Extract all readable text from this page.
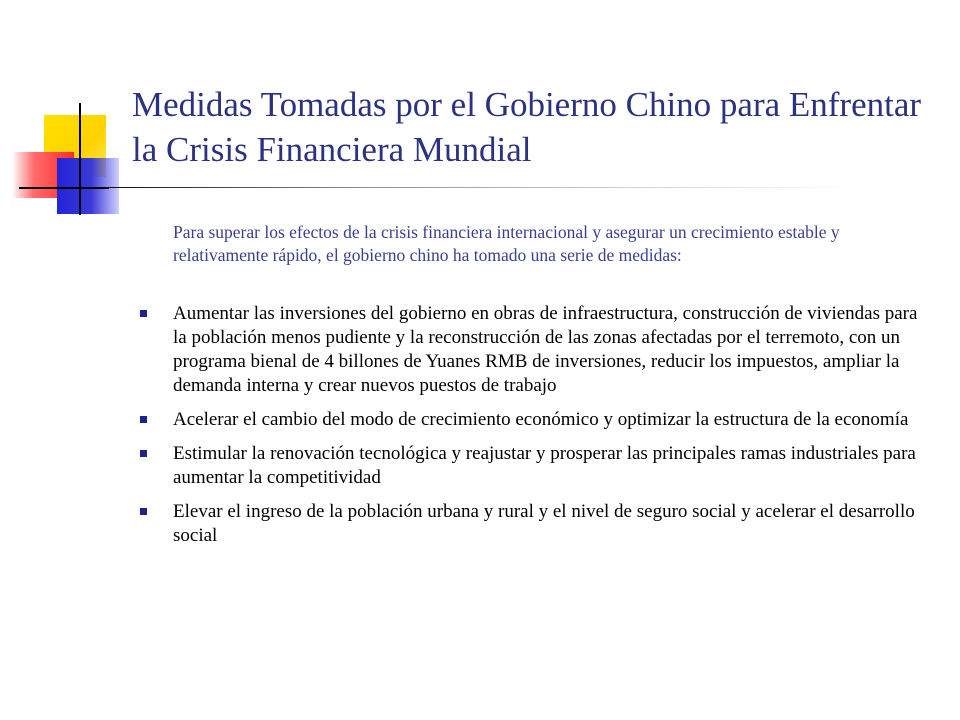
Medidas Tomadas por el Gobierno Chino para Enfrentar la Crisis Financiera Mundial
Para superar los efectos de la crisis financiera internacional y asegurar un crecimiento estable y relativamente rápido, el gobierno chino ha tomado una serie de medidas:
Aumentar las inversiones del gobierno en obras de infraestructura, construcción de viviendas para la población menos pudiente y la reconstrucción de las zonas afectadas por el terremoto, con un programa bienal de 4 billones de Yuanes RMB de inversiones, reducir los impuestos, ampliar la demanda interna y crear nuevos puestos de trabajo
Acelerar el cambio del modo de crecimiento económico y optimizar la estructura de la economía
Estimular la renovación tecnológica y reajustar y prosperar las principales ramas industriales para aumentar la competitividad
Elevar el ingreso de la población urbana y rural y el nivel de seguro social y acelerar el desarrollo social
